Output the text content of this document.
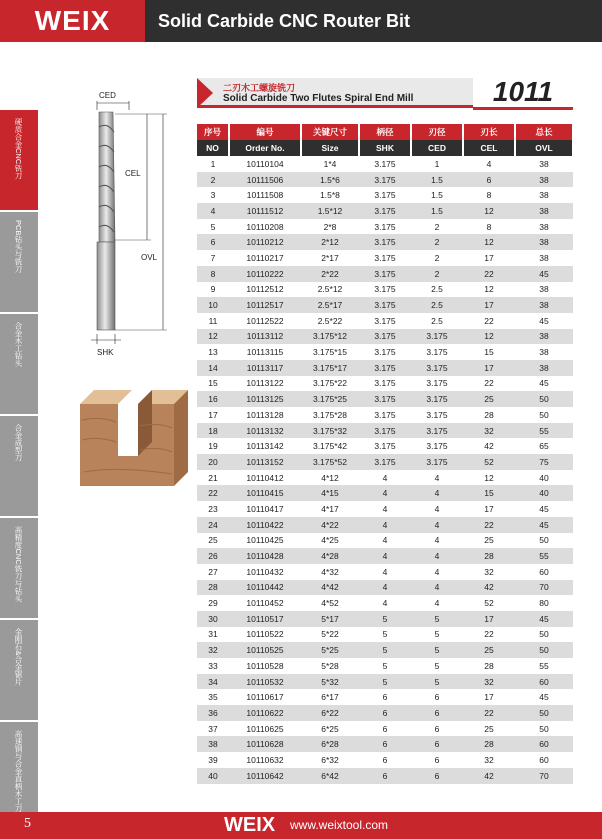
WEIX	Solid Carbide CNC Router Bit
硬质合金CNC铣刀
PCB钻头与铣刀
合金木工钻头
合金成型刀
高精度CNC铣刀与钻头
金刚石&合金锯片
高速钢与合金直柄木工刀
CED
CEL
OVL
SHK
二刃木工螺旋铣刀
Solid Carbide Two Flutes Spiral End Mill	1011
序号	编号	关键尺寸	柄径	刃径	刃长	总长
NO	Order No.	Size	SHK	CED	CEL	OVL
1	10110104	1*4	3.175	1	4	38
2	10111506	1.5*6	3.175	1.5	6	38
3	10111508	1.5*8	3.175	1.5	8	38
4	10111512	1.5*12	3.175	1.5	12	38
5	10110208	2*8	3.175	2	8	38
6	10110212	2*12	3.175	2	12	38
7	10110217	2*17	3.175	2	17	38
8	10110222	2*22	3.175	2	22	45
9	10112512	2.5*12	3.175	2.5	12	38
10	10112517	2.5*17	3.175	2.5	17	38
11	10112522	2.5*22	3.175	2.5	22	45
12	10113112	3.175*12	3.175	3.175	12	38
13	10113115	3.175*15	3.175	3.175	15	38
14	10113117	3.175*17	3.175	3.175	17	38
15	10113122	3.175*22	3.175	3.175	22	45
16	10113125	3.175*25	3.175	3.175	25	50
17	10113128	3.175*28	3.175	3.175	28	50
18	10113132	3.175*32	3.175	3.175	32	55
19	10113142	3.175*42	3.175	3.175	42	65
20	10113152	3.175*52	3.175	3.175	52	75
21	10110412	4*12	4	4	12	40
22	10110415	4*15	4	4	15	40
23	10110417	4*17	4	4	17	45
24	10110422	4*22	4	4	22	45
25	10110425	4*25	4	4	25	50
26	10110428	4*28	4	4	28	55
27	10110432	4*32	4	4	32	60
28	10110442	4*42	4	4	42	70
29	10110452	4*52	4	4	52	80
30	10110517	5*17	5	5	17	45
31	10110522	5*22	5	5	22	50
32	10110525	5*25	5	5	25	50
33	10110528	5*28	5	5	28	55
34	10110532	5*32	5	5	32	60
35	10110617	6*17	6	6	17	45
36	10110622	6*22	6	6	22	50
37	10110625	6*25	6	6	25	50
38	10110628	6*28	6	6	28	60
39	10110632	6*32	6	6	32	60
40	10110642	6*42	6	6	42	70
5	WEIX www.weixtool.com
